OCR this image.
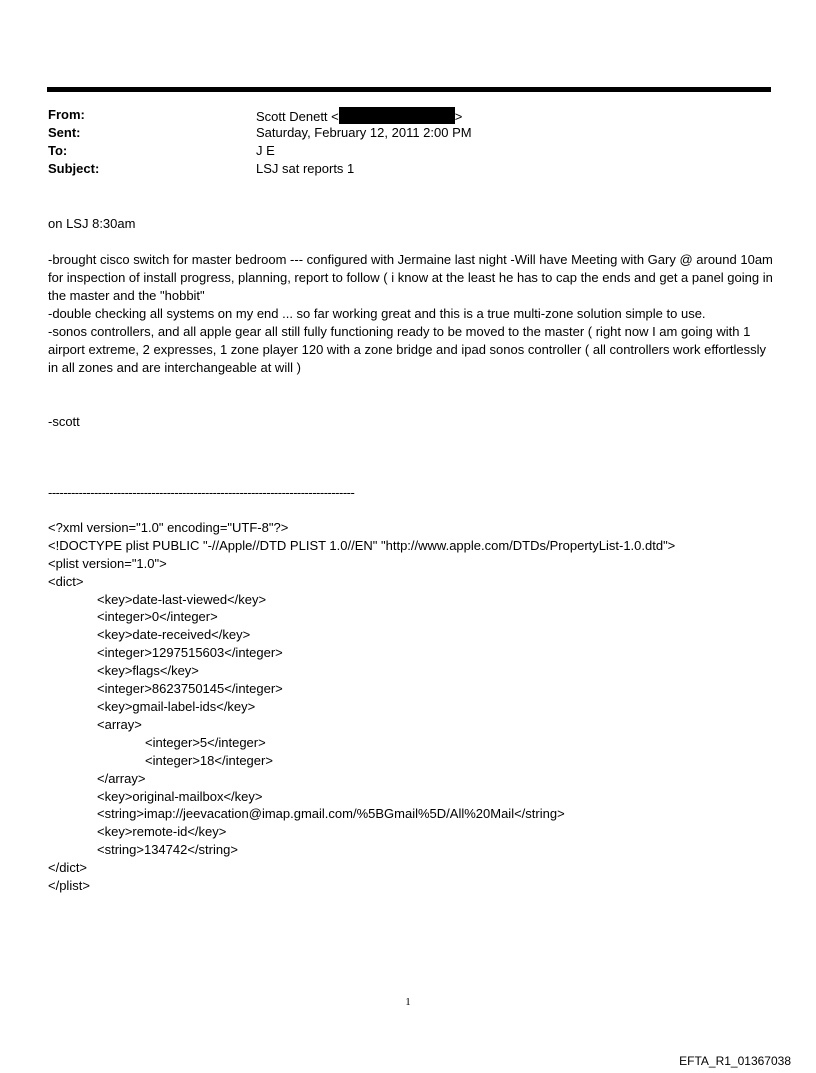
From:	Scott Denett <	>
Sent:	Saturday, February 12, 2011 2:00 PM
To:	J E
Subject:	LSJ sat reports 1
on LSJ 8:30am
-brought cisco switch for master bedroom --- configured with Jermaine last night -Will have Meeting with Gary @ around 10am for inspection of install progress, planning, report to follow ( i know at the least he has to cap the ends and get a panel going in the master and the "hobbit"
-double checking all systems on my end ... so far working great and this is a true multi-zone solution simple to use.
-sonos controllers, and all apple gear all still fully functioning ready to be moved to the master ( right now I am going with 1 airport extreme, 2 expresses, 1 zone player 120 with a zone bridge and ipad sonos controller ( all controllers work effortlessly in all zones and are interchangeable at will )
-scott
--------------------------------------------------------------------------------

<?xml version="1.0" encoding="UTF-8"?>
<!DOCTYPE plist PUBLIC "-//Apple//DTD PLIST 1.0//EN" "http://www.apple.com/DTDs/PropertyList-1.0.dtd">
<plist version="1.0">
<dict>
<key>date-last-viewed</key>
<integer>0</integer>
<key>date-received</key>
<integer>1297515603</integer>
<key>flags</key>
<integer>8623750145</integer>
<key>gmail-label-ids</key>
<array>
<integer>5</integer>
<integer>18</integer>
</array>
<key>original-mailbox</key>
<string>imap://jeevacation@imap.gmail.com/%5BGmail%5D/All%20Mail</string>
<key>remote-id</key>
<string>134742</string>
</dict>
</plist>

1
EFTA_R1_01367038
